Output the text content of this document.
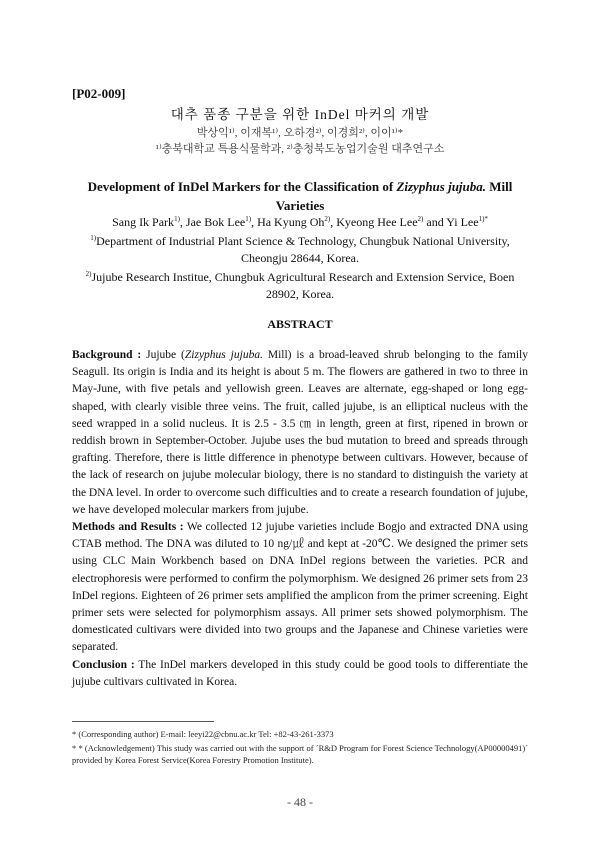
[P02-009]
대추 품종 구분을 위한 InDel 마커의 개발
박상익¹⁾, 이재복¹⁾, 오하경²⁾, 이경희²⁾, 이이¹⁾*
¹⁾충북대학교 특용식물학과, ²⁾충청북도농업기술원 대추연구소
Development of InDel Markers for the Classification of Zizyphus jujuba. Mill Varieties
Sang Ik Park$^{1)}$, Jae Bok Lee$^{1)}$, Ha Kyung Oh$^{2)}$, Kyeong Hee Lee$^{2)}$ and Yi Lee$^{1)*}$
$^{1)}$Department of Industrial Plant Science & Technology, Chungbuk National University, Cheongju 28644, Korea.
$^{2)}$Jujube Research Institue, Chungbuk Agricultural Research and Extension Service, Boen 28902, Korea.
ABSTRACT

Background : Jujube (Zizyphus jujuba. Mill) is a broad-leaved shrub belonging to the family Seagull. Its origin is India and its height is about 5 m. The flowers are gathered in two to three in May-June, with five petals and yellowish green. Leaves are alternate, egg-shaped or long egg-shaped, with clearly visible three veins. The fruit, called jujube, is an elliptical nucleus with the seed wrapped in a solid nucleus. It is 2.5 - 3.5 ㎝ in length, green at first, ripened in brown or reddish brown in September-October. Jujube uses the bud mutation to breed and spreads through grafting. Therefore, there is little difference in phenotype between cultivars. However, because of the lack of research on jujube molecular biology, there is no standard to distinguish the variety at the DNA level. In order to overcome such difficulties and to create a research foundation of jujube, we have developed molecular markers from jujube.

Methods and Results : We collected 12 jujube varieties include Bogjo and extracted DNA using CTAB method. The DNA was diluted to 10 ng/㎕ and kept at -20℃. We designed the primer sets using CLC Main Workbench based on DNA InDel regions between the varieties. PCR and electrophoresis were performed to confirm the polymorphism. We designed 26 primer sets from 23 InDel regions. Eighteen of 26 primer sets amplified the amplicon from the primer screening. Eight primer sets were selected for polymorphism assays. All primer sets showed polymorphism. The domesticated cultivars were divided into two groups and the Japanese and Chinese varieties were separated.

Conclusion : The InDel markers developed in this study could be good tools to differentiate the jujube cultivars cultivated in Korea.

* (Corresponding author) E-mail: leeyi22@cbnu.ac.kr Tel: +82-43-261-3373
* * (Acknowledgement) This study was carried out with the support of ´R&D Program for Forest Science Technology(AP00000491)´ provided by Korea Forest Service(Korea Forestry Promotion Institute).
- 48 -
